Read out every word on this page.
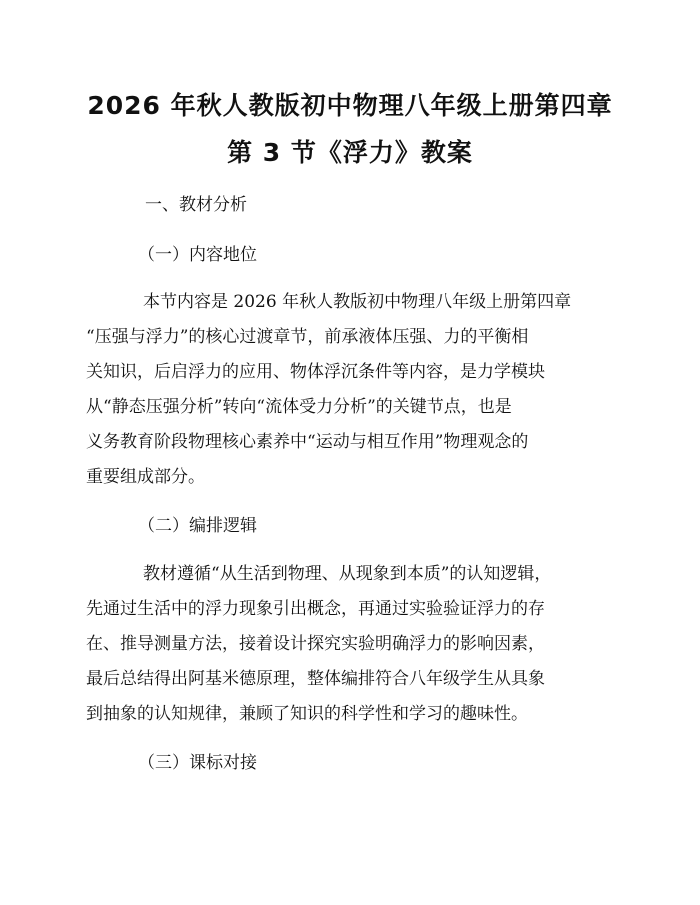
2026 年秋人教版初中物理八年级上册第四章
第 3 节《浮力》教案
一、教材分析
（一）内容地位
本节内容是 2026 年秋人教版初中物理八年级上册第四章
“压强与浮力”的核心过渡章节，前承液体压强、力的平衡相
关知识，后启浮力的应用、物体浮沉条件等内容，是力学模块
从“静态压强分析”转向“流体受力分析”的关键节点，也是
义务教育阶段物理核心素养中“运动与相互作用”物理观念的
重要组成部分。
（二）编排逻辑
教材遵循“从生活到物理、从现象到本质”的认知逻辑，
先通过生活中的浮力现象引出概念，再通过实验验证浮力的存
在、推导测量方法，接着设计探究实验明确浮力的影响因素，
最后总结得出阿基米德原理，整体编排符合八年级学生从具象
到抽象的认知规律，兼顾了知识的科学性和学习的趣味性。
（三）课标对接
